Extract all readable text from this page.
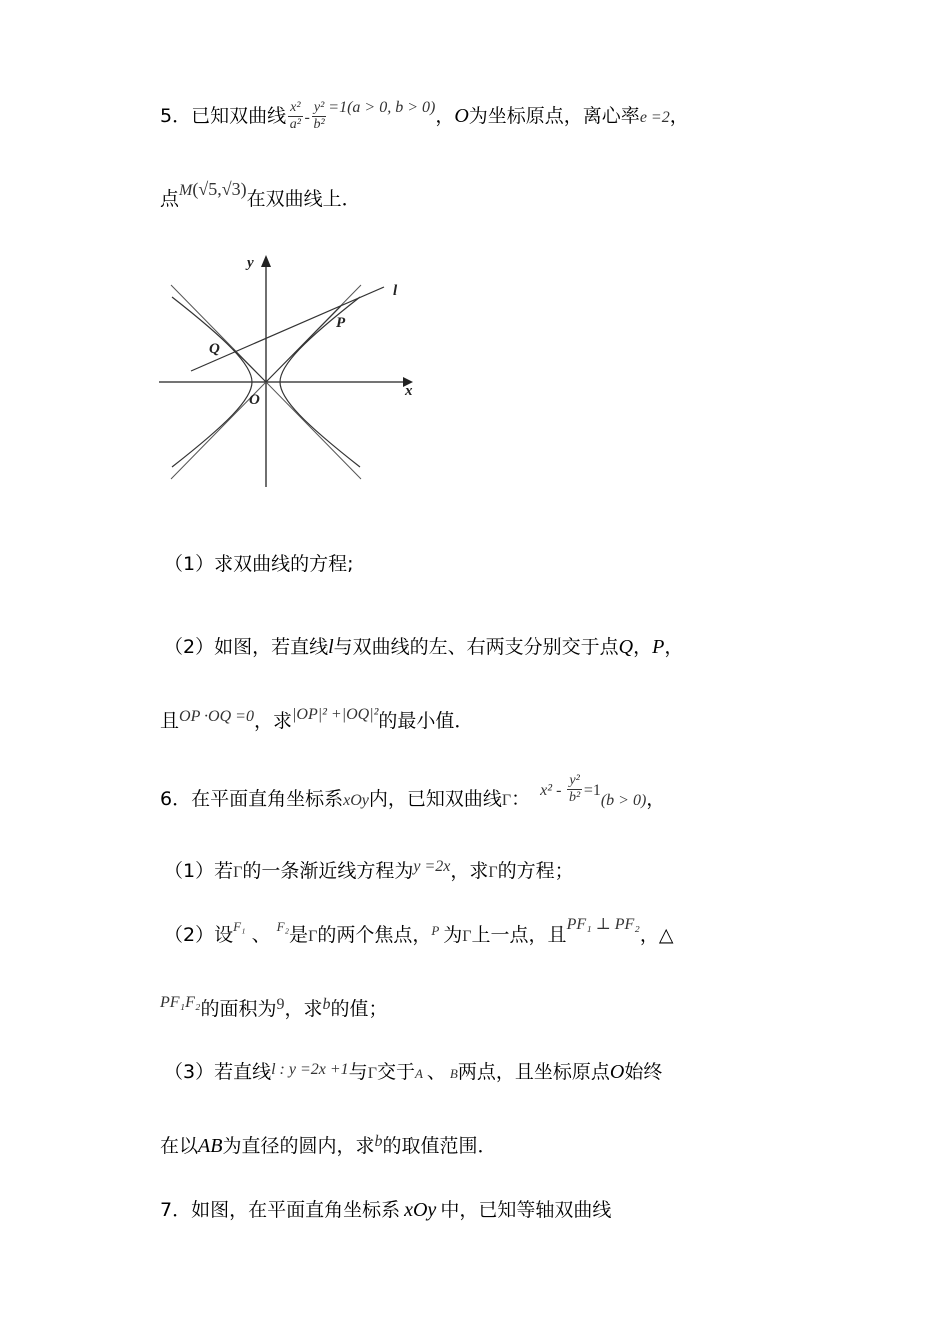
5．已知双曲线 $\frac{\text{x²}}{\text{a²}} - \frac{\text{y²}}{\text{b²}} ^{=1(a > 0, b > 0)}$，O为坐标原点，离心率e =2，
点$^M$(√5,√3)在双曲线上．
y
x
l
P
Q
O
（1）求双曲线的方程;
（2）如图，若直线l与双曲线的左、右两支分别交于点Q，P，
且$^{OP \cdot OQ =0}$，求$^{|OP|^2 +|OQ|^2}$的最小值．
6．在平面直角坐标系xOy内，已知双曲线Γ： $^{x^2}$ $^- \frac{\text{y²}}{\text{b²}} ^{=1}(b > 0)$，
（1）若Γ的一条渐近线方程为$^{y =2x}$，求Γ的方程；
（2）设$^{F_1}$ 、 $^{F_2}$是Γ的两个焦点，$^P$ 为Γ上一点，且$^{PF_1 \perp PF_2}$，△
$^{PF_1F_2}$的面积为$^9$，求$^b$的值；
（3）若直线$^{l : y =2x +1}$与Γ交于A 、 B两点，且坐标原点O始终
在以AB为直径的圆内，求$^b$的取值范围．
7．如图，在平面直角坐标系 xOy 中，已知等轴双曲线
